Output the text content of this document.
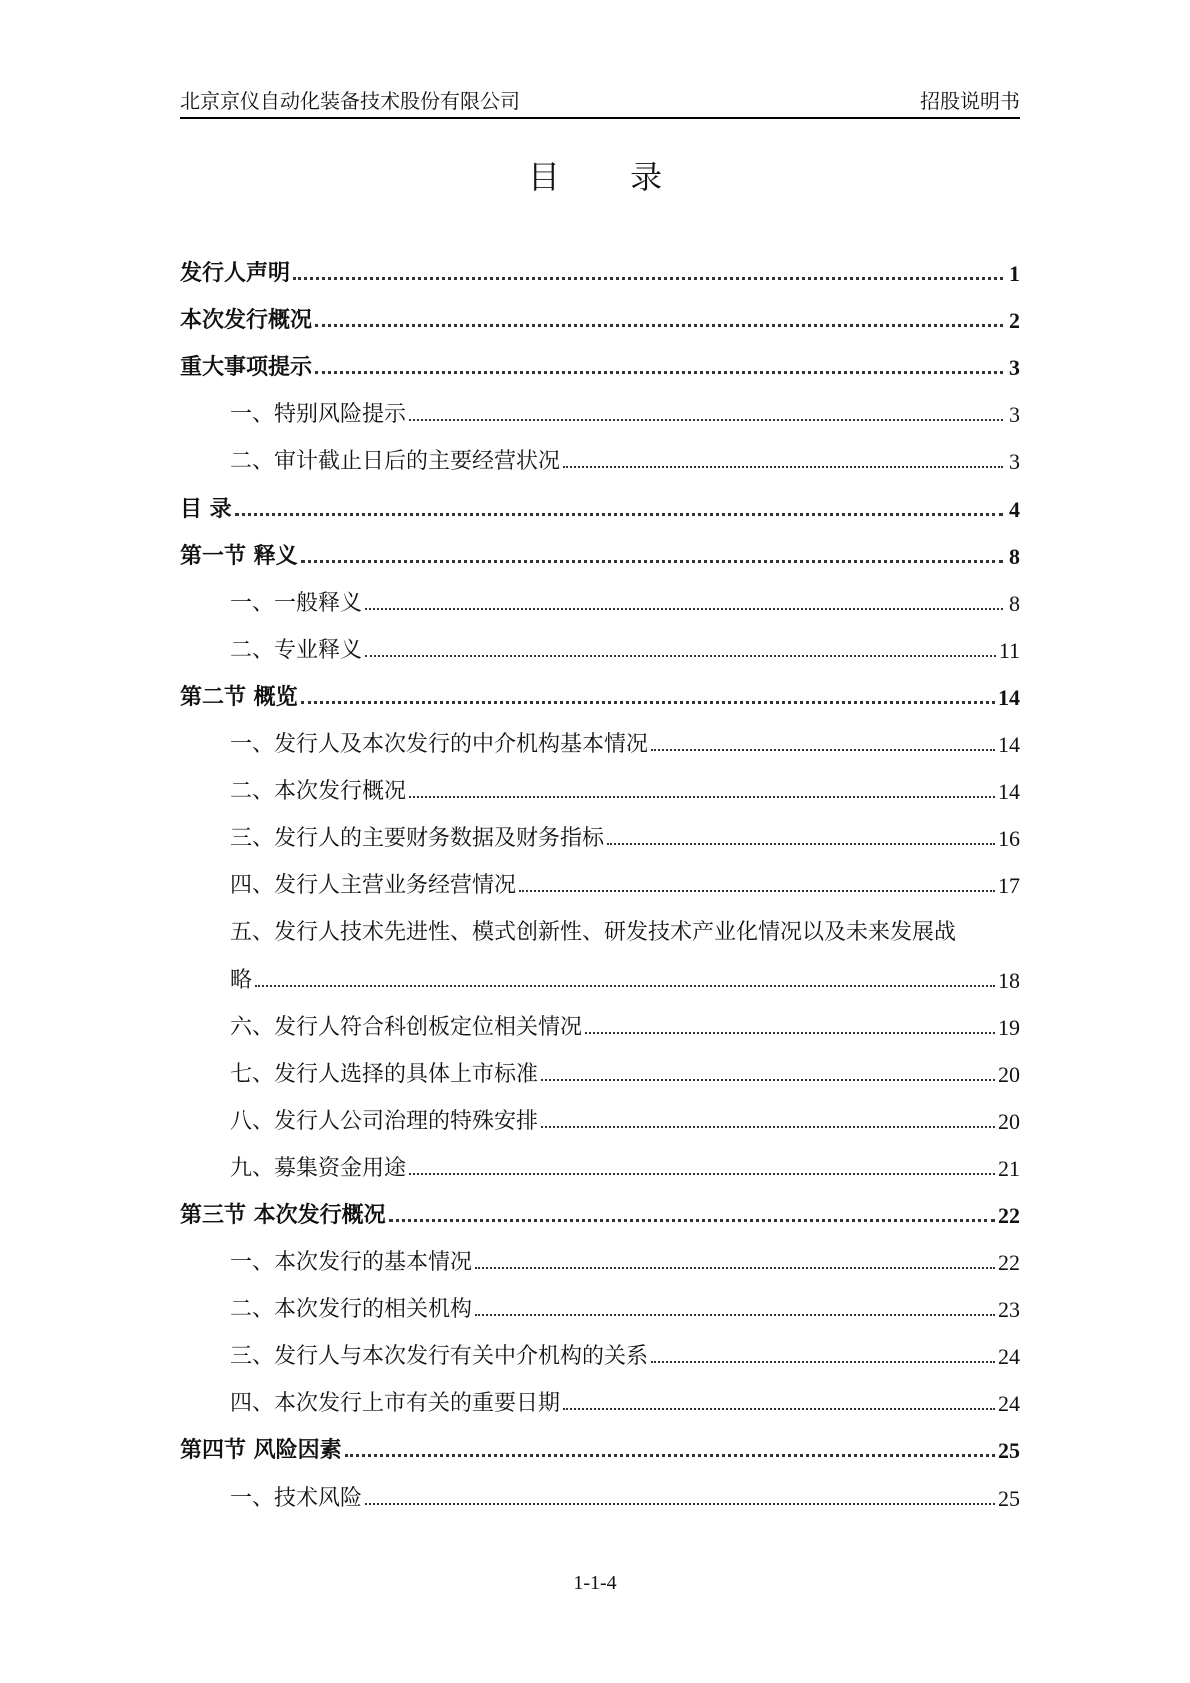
北京京仪自动化装备技术股份有限公司	招股说明书
目 录
发行人声明	1
本次发行概况	2
重大事项提示	3
一、特别风险提示	3
二、审计截止日后的主要经营状况	3
目 录	4
第一节 释义	8
一、一般释义	8
二、专业释义	11
第二节 概览	14
一、发行人及本次发行的中介机构基本情况	14
二、本次发行概况	14
三、发行人的主要财务数据及财务指标	16
四、发行人主营业务经营情况	17
五、发行人技术先进性、模式创新性、研发技术产业化情况以及未来发展战
略	18
六、发行人符合科创板定位相关情况	19
七、发行人选择的具体上市标准	20
八、发行人公司治理的特殊安排	20
九、募集资金用途	21
第三节 本次发行概况	22
一、本次发行的基本情况	22
二、本次发行的相关机构	23
三、发行人与本次发行有关中介机构的关系	24
四、本次发行上市有关的重要日期	24
第四节 风险因素	25
一、技术风险	25
1-1-4
